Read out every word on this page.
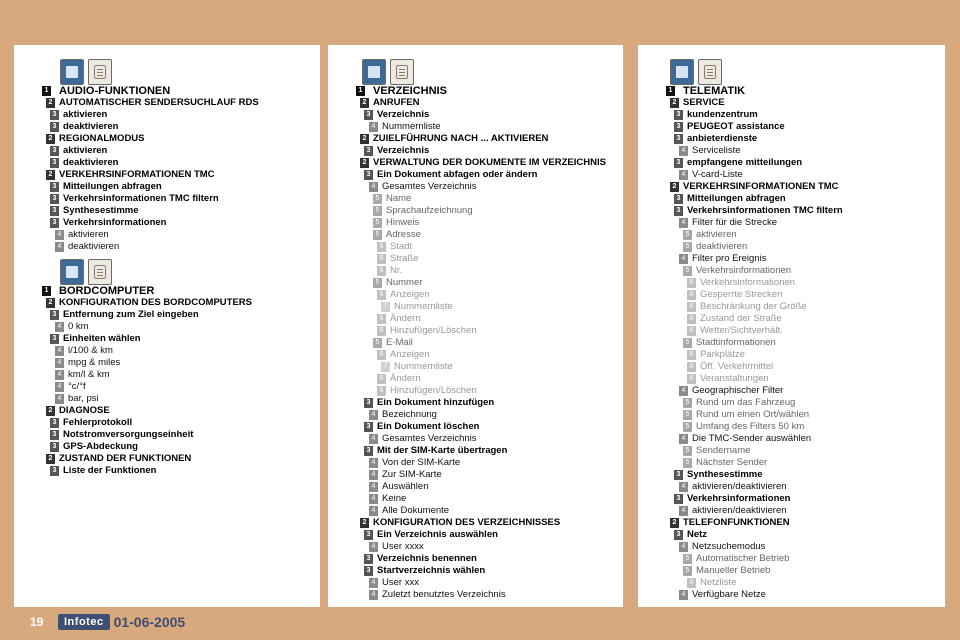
1 AUDIO-FUNKTIONEN
2 AUTOMATISCHER SENDERSUCHLAUF RDS
3 aktivieren
3 deaktivieren
2 REGIONALMODUS
3 aktivieren
3 deaktivieren
2 VERKEHRSINFORMATIONEN TMC
3 Mitteilungen abfragen
3 Verkehrsinformationen TMC filtern
3 Synthesestimme
3 Verkehrsinformationen
4 aktivieren
4 deaktivieren
1 BORDCOMPUTER
2 KONFIGURATION DES BORDCOMPUTERS
3 Entfernung zum Ziel eingeben
4 0 km
3 Einheiten wählen
4 l/100 & km
4 mpg & miles
4 km/l & km
4 °c/°f
4 bar, psi
2 DIAGNOSE
3 Fehlerprotokoll
3 Notstromversorgungseinheit
3 GPS-Abdeckung
2 ZUSTAND DER FUNKTIONEN
3 Liste der Funktionen
1 VERZEICHNIS
2 ANRUFEN
3 Verzeichnis
4 Nummernliste
2 ZUIELFÜHRUNG NACH ... AKTIVIEREN
3 Verzeichnis
2 VERWALTUNG DER DOKUMENTE IM VERZEICHNIS
3 Ein Dokument abfagen oder ändern
4 Gesamtes Verzeichnis
5 Name
5 Sprachaufzeichnung
5 Hinweis
5 Adresse
6 Stadt
6 Straße
6 Nr.
5 Nummer
6 Anzeigen
7 Nummernliste
6 Ändern
6 Hinzufügen/Löschen
5 E-Mail
6 Anzeigen
7 Nummernliste
6 Ändern
6 Hinzufügen/Löschen
3 Ein Dokument hinzufügen
4 Bezeichnung
3 Ein Dokument löschen
4 Gesamtes Verzeichnis
3 Mit der SIM-Karte übertragen
4 Von der SIM-Karte
4 Zur SIM-Karte
4 Auswählen
4 Keine
4 Alle Dokumente
2 KONFIGURATION DES VERZEICHNISSES
3 Ein Verzeichnis auswählen
4 User xxxx
3 Verzeichnis benennen
3 Startverzeichnis wählen
4 User xxx
4 Zuletzt benutztes Verzeichnis
1 TELEMATIK
2 SERVICE
3 kundenzentrum
3 PEUGEOT assistance
3 anbieterdienste
4 Serviceliste
3 empfangene mitteilungen
4 V-card-Liste
2 VERKEHRSINFORMATIONEN TMC
3 Mitteilungen abfragen
3 Verkehrsinformationen TMC filtern
4 Filter für die Strecke
5 aktivieren
5 deaktivieren
4 Filter pro Ereignis
5 Verkehrsinformationen
6 Verkehrsinformationen
6 Gesperrte Strecken
6 Beschränkung der Größe
6 Zustand der Straße
6 Wetter/Sichtverhält.
5 Stadtinformationen
6 Parkplätze
6 Öff. Verkehrmittel
6 Veranstaltungen
4 Geographischer Filter
5 Rund um das Fahrzeug
5 Rund um einen Ort/wählen
5 Umfang des Filters 50 km
4 Die TMC-Sender auswählen
5 Sendername
5 Nächster Sender
3 Synthesestimme
4 aktivieren/deaktivieren
3 Verkehrsinformationen
4 aktivieren/deaktivieren
2 TELEFONFUNKTIONEN
3 Netz
4 Netzsuchemodus
5 Automatischer Betrieb
5 Manueller Betrieb
6 Netzliste
4 Verfügbare Netze
19	Infotec 01-06-2005
